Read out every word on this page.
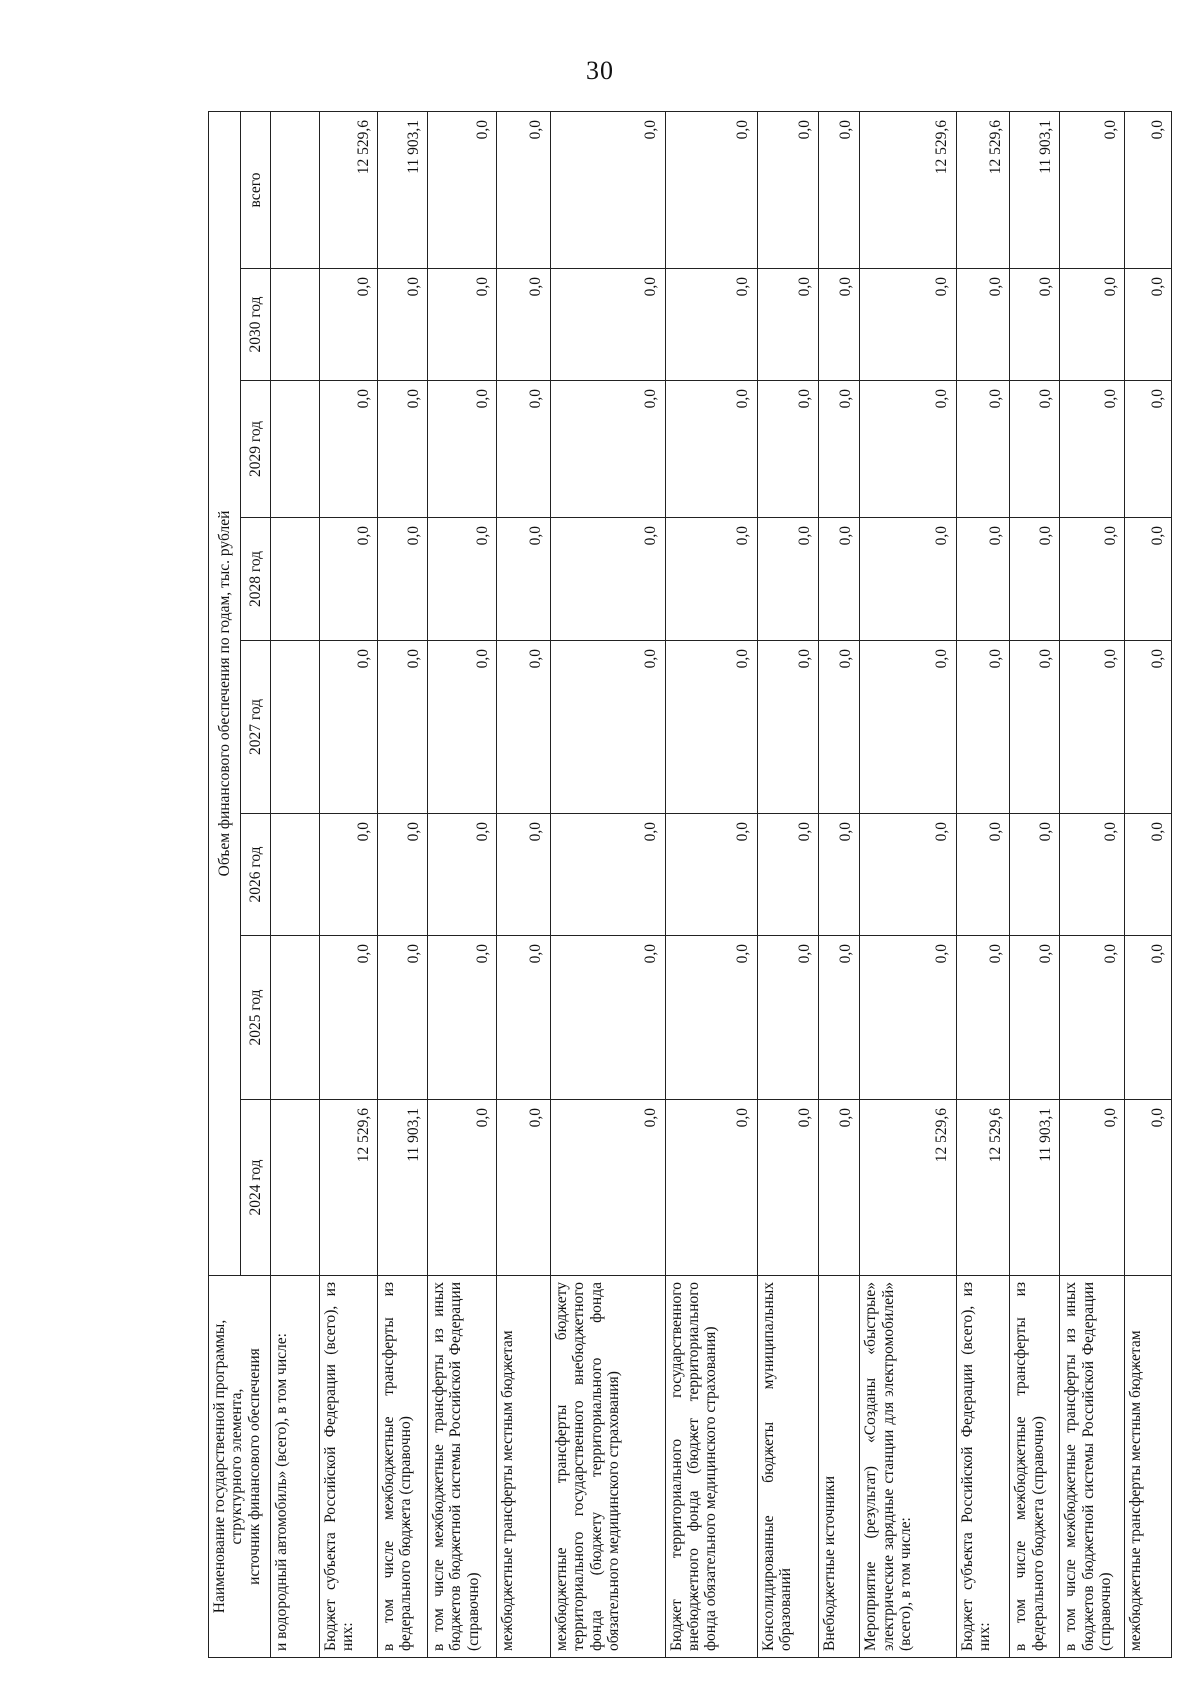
30
Наименование государственной программы, структурного элемента, источник финансового обеспечения	Объем финансового обеспечения по годам, тыс. рублей							
	2024 год	2025 год	2026 год	2027 год	2028 год	2029 год	2030 год	всего
и водородный автомобиль» (всего), в том числе:								
Бюджет субъекта Российской Федерации (всего), из них:	12 529,6	0,0	0,0	0,0	0,0	0,0	0,0	12 529,6
в том числе межбюджетные трансферты из федерального бюджета (справочно)	11 903,1	0,0	0,0	0,0	0,0	0,0	0,0	11 903,1
в том числе межбюджетные трансферты из иных бюджетов бюджетной системы Российской Федерации (справочно)	0,0	0,0	0,0	0,0	0,0	0,0	0,0	0,0
межбюджетные трансферты местным бюджетам	0,0	0,0	0,0	0,0	0,0	0,0	0,0	0,0
межбюджетные трансферты бюджету территориального государственного внебюджетного фонда (бюджету территориального фонда обязательного медицинского страхования)	0,0	0,0	0,0	0,0	0,0	0,0	0,0	0,0
Бюджет территориального государственного внебюджетного фонда (бюджет территориального фонда обязательного медицинского страхования)	0,0	0,0	0,0	0,0	0,0	0,0	0,0	0,0
Консолидированные бюджеты муниципальных образований	0,0	0,0	0,0	0,0	0,0	0,0	0,0	0,0
Внебюджетные источники	0,0	0,0	0,0	0,0	0,0	0,0	0,0	0,0
Мероприятие (результат) «Созданы «быстрые» электрические зарядные станции для электромобилей» (всего), в том числе:	12 529,6	0,0	0,0	0,0	0,0	0,0	0,0	12 529,6
Бюджет субъекта Российской Федерации (всего), из них:	12 529,6	0,0	0,0	0,0	0,0	0,0	0,0	12 529,6
в том числе межбюджетные трансферты из федерального бюджета (справочно)	11 903,1	0,0	0,0	0,0	0,0	0,0	0,0	11 903,1
в том числе межбюджетные трансферты из иных бюджетов бюджетной системы Российской Федерации (справочно)	0,0	0,0	0,0	0,0	0,0	0,0	0,0	0,0
межбюджетные трансферты местным бюджетам	0,0	0,0	0,0	0,0	0,0	0,0	0,0	0,0
